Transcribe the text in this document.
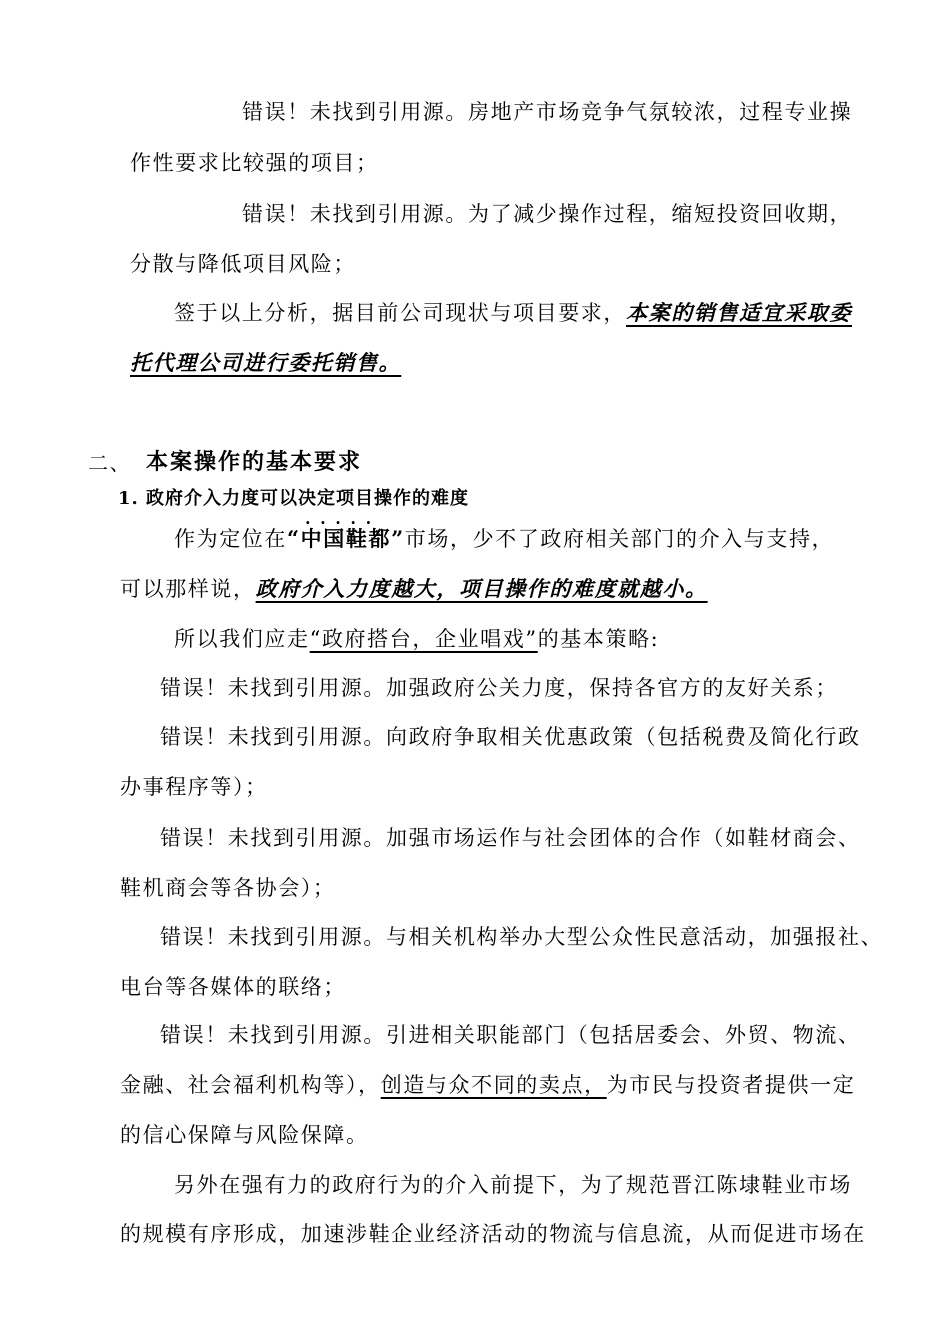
错误！未找到引用源。房地产市场竞争气氛较浓，过程专业操
作性要求比较强的项目；
错误！未找到引用源。为了减少操作过程，缩短投资回收期，
分散与降低项目风险；
签于以上分析，据目前公司现状与项目要求，本案的销售适宜采取委
托代理公司进行委托销售。
二、 本案操作的基本要求
1. 政府介入力度可以决定项目操作的难度
作为定位在· · “中国鞋都”市场，少不了政府相关部门的介入与支持，
可以那样说，政府介入力度越大，项目操作的难度就越小。
所以我们应走“政府搭台，企业唱戏”的基本策略:
错误！未找到引用源。加强政府公关力度，保持各官方的友好关系；
错误！未找到引用源。向政府争取相关优惠政策（包括税费及简化行政
办事程序等）；
错误！未找到引用源。加强市场运作与社会团体的合作（如鞋材商会、
鞋机商会等各协会）；
错误！未找到引用源。与相关机构举办大型公众性民意活动，加强报社、
电台等各媒体的联络；
错误！未找到引用源。引进相关职能部门（包括居委会、外贸、物流、
金融、社会福利机构等），创造与众不同的卖点，为市民与投资者提供一定
的信心保障与风险保障。
另外在强有力的政府行为的介入前提下，为了规范晋江陈埭鞋业市场
的规模有序形成，加速涉鞋企业经济活动的物流与信息流，从而促进市场在
